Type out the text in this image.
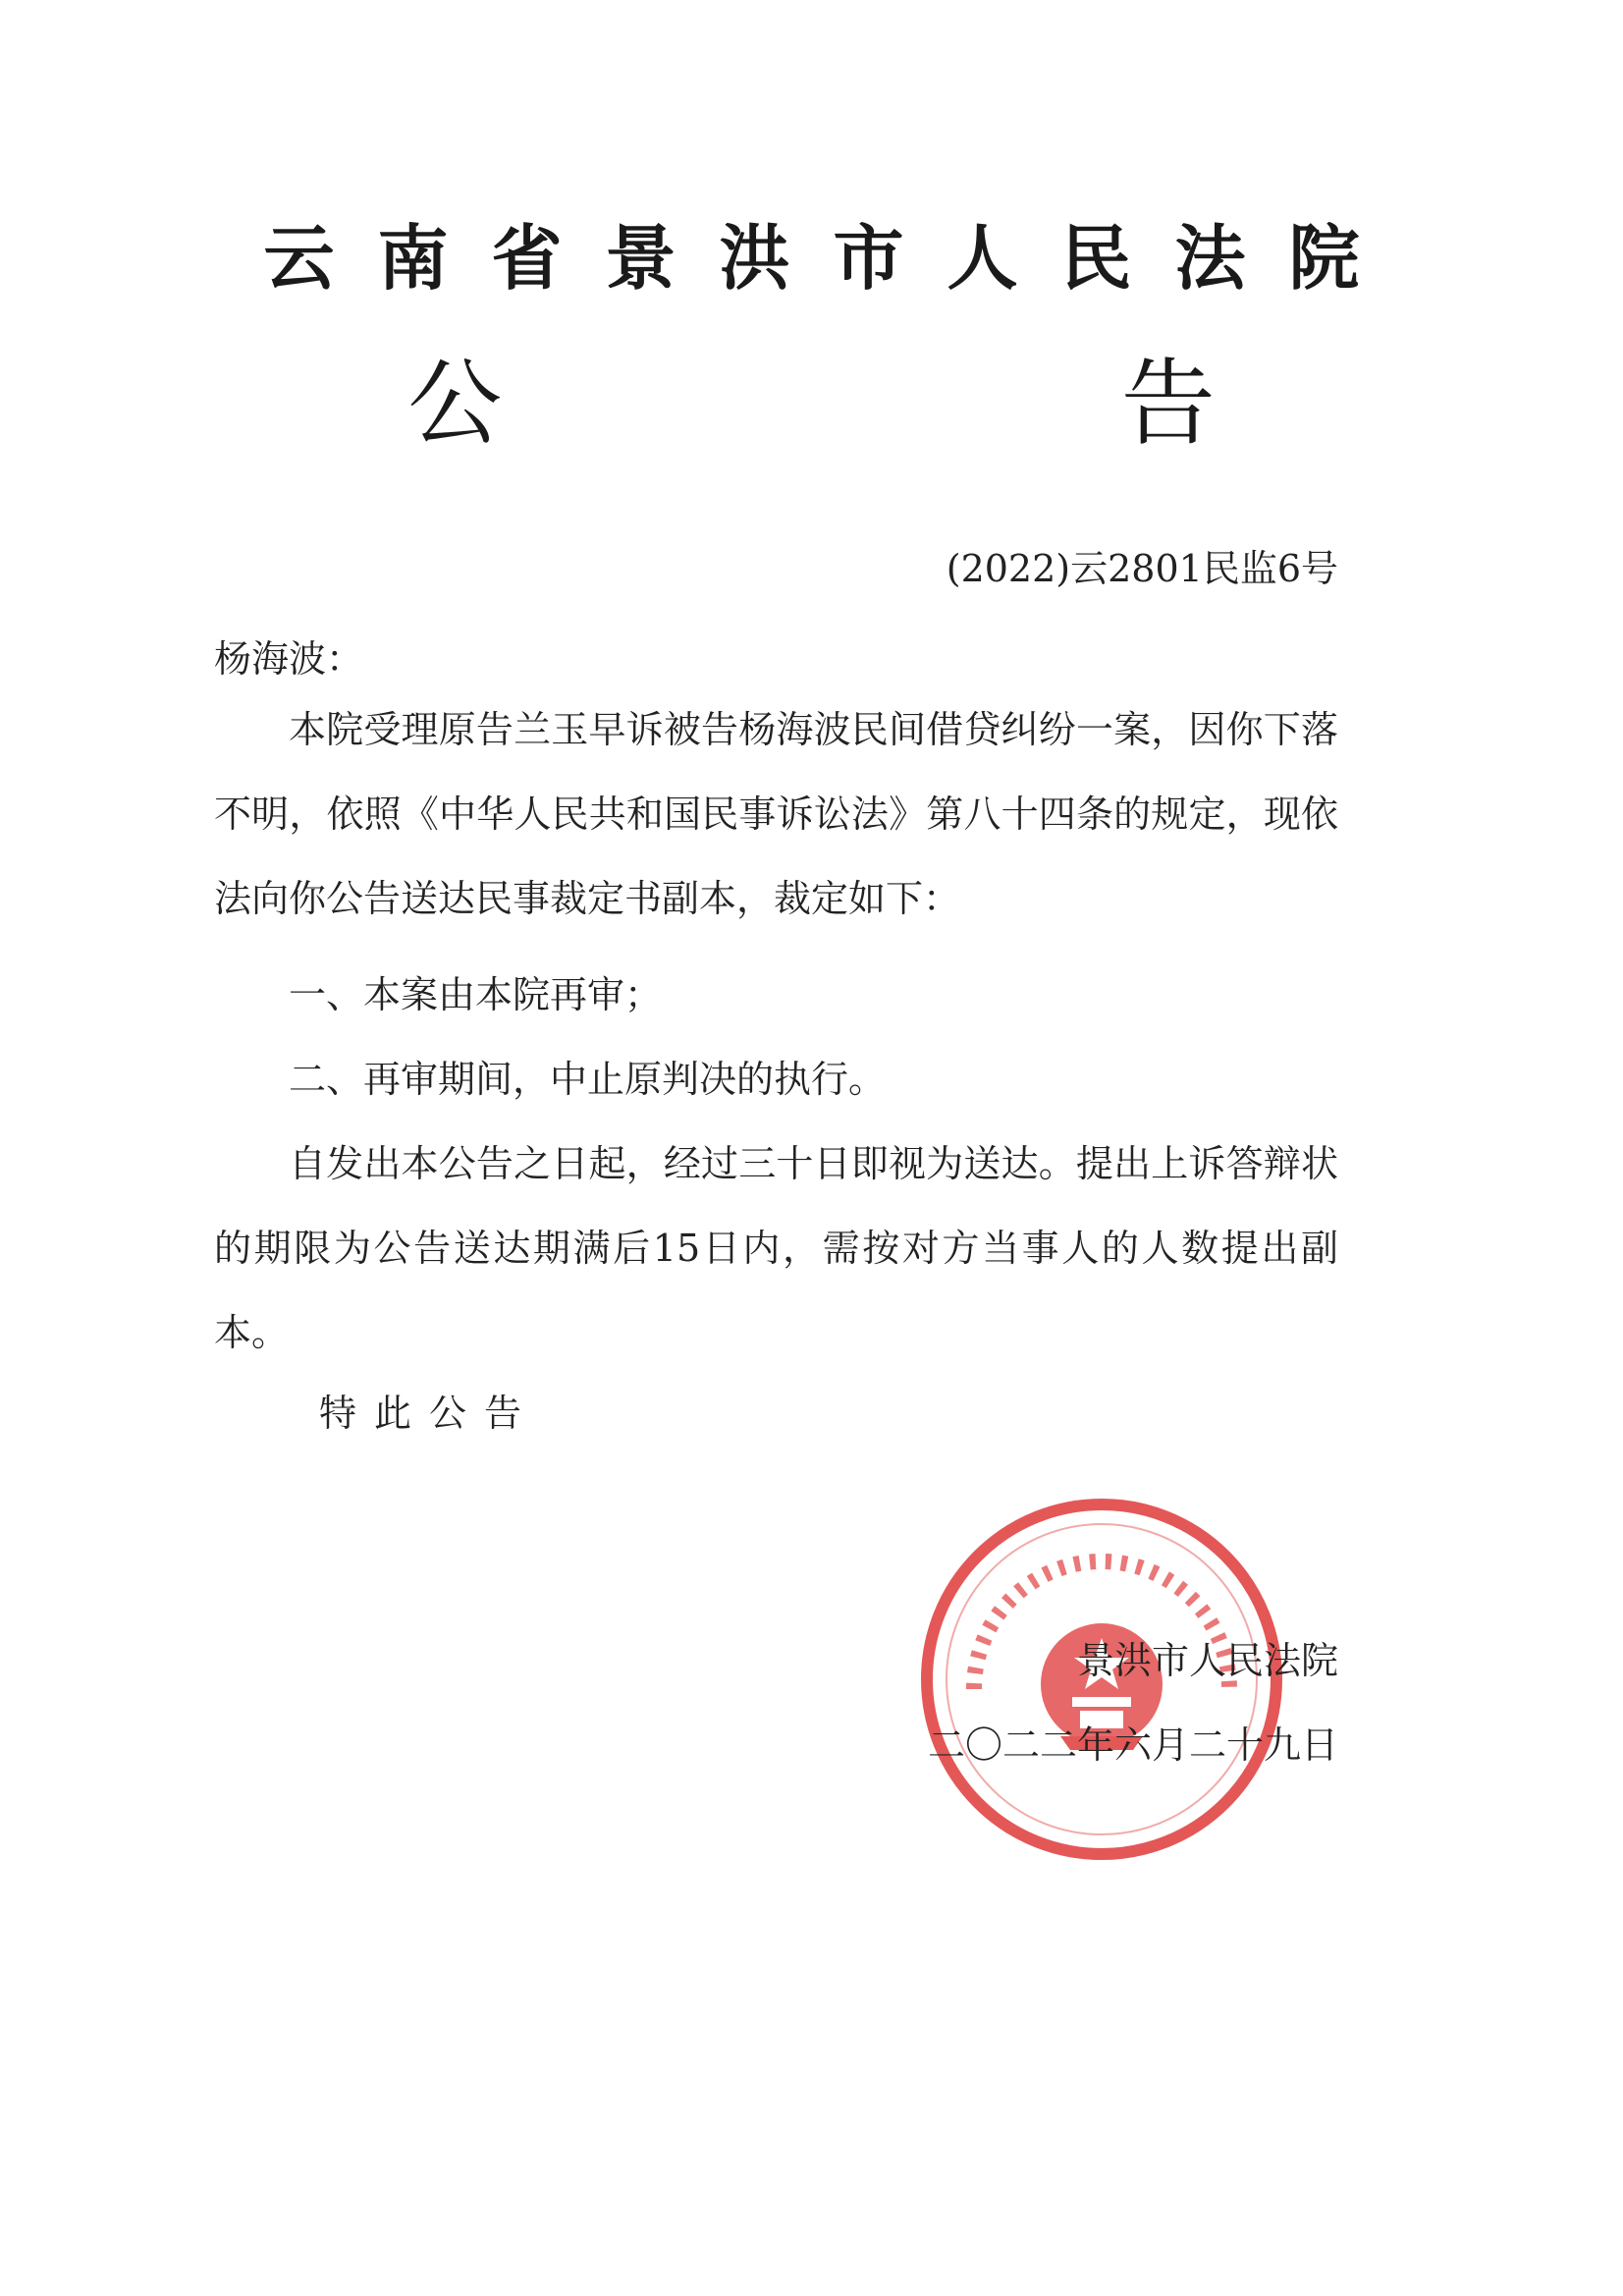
云南省景洪市人民法院
公 告
(2022)云2801民监6号
杨海波：

本院受理原告兰玉早诉被告杨海波民间借贷纠纷一案，因你下落不明，依照《中华人民共和国民事诉讼法》第八十四条的规定，现依法向你公告送达民事裁定书副本，裁定如下：

一、本案由本院再审；

二、再审期间，中止原判决的执行。

自发出本公告之日起，经过三十日即视为送达。提出上诉答辩状的期限为公告送达期满后15日内，需按对方当事人的人数提出副本。

特此公告
景洪市人民法院
二〇二二年六月二十九日
